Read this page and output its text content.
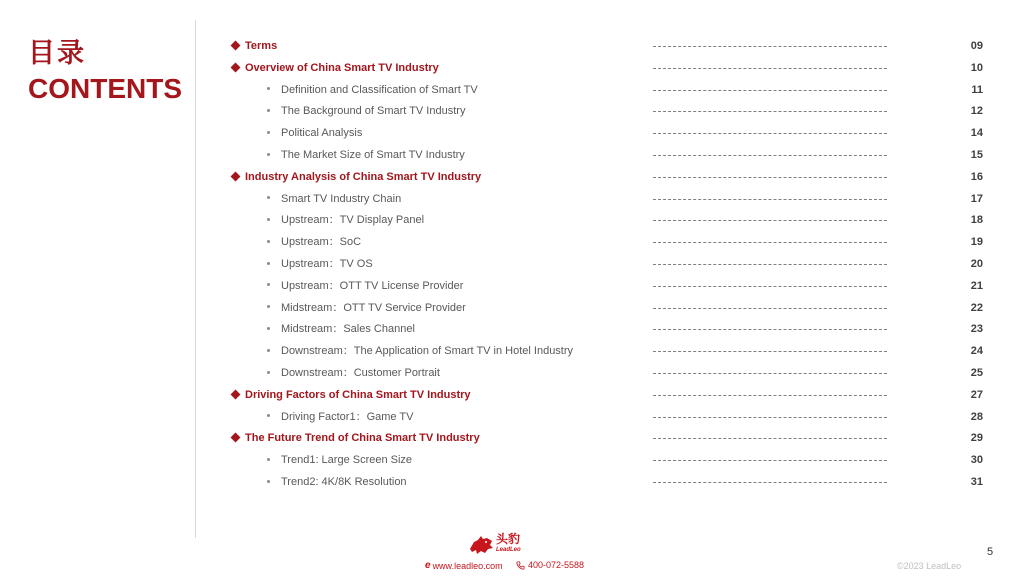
目录
CONTENTS
Terms	09
Overview of China Smart TV Industry	10
Definition and Classification of Smart TV	11
The Background of Smart TV Industry	12
Political Analysis	14
The Market Size of Smart TV Industry	15
Industry Analysis of China Smart TV Industry	16
Smart TV Industry Chain	17
Upstream：TV Display Panel	18
Upstream：SoC	19
Upstream：TV OS	20
Upstream：OTT TV License Provider	21
Midstream：OTT TV Service Provider	22
Midstream：Sales Channel	23
Downstream：The Application of Smart TV in Hotel Industry	24
Downstream：Customer Portrait	25
Driving Factors of China Smart TV Industry	27
Driving Factor1：Game TV	28
The Future Trend of China Smart TV Industry	29
Trend1: Large Screen Size	30
Trend2: 4K/8K Resolution	31
头豹
LeadLeo
e www.leadleo.com	400-072-5588	©2023 LeadLeo
5
